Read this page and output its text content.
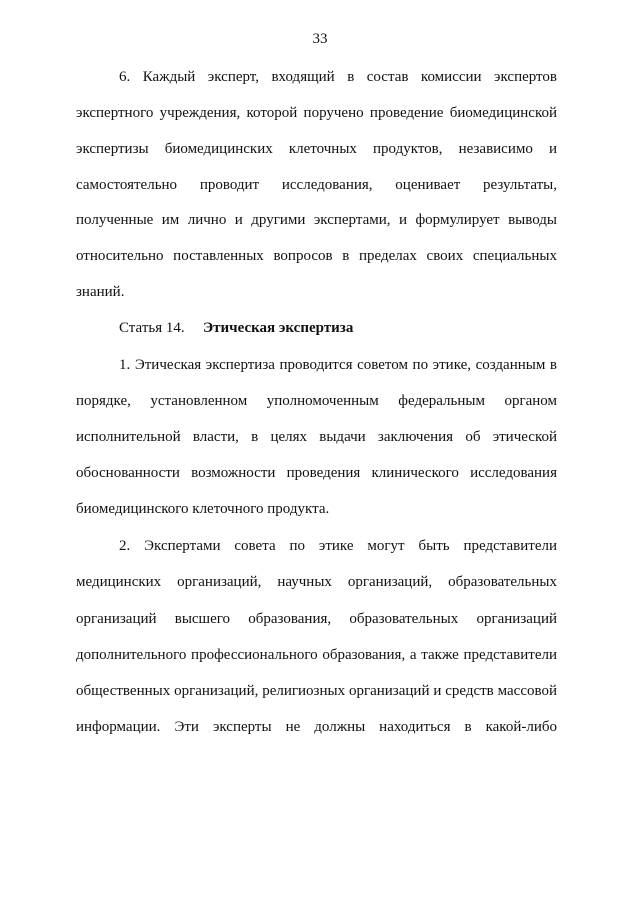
33
6. Каждый эксперт, входящий в состав комиссии экспертов
экспертного учреждения, которой поручено проведение биомедицинской
экспертизы биомедицинских клеточных продуктов, независимо и
самостоятельно проводит исследования, оценивает результаты,
полученные им лично и другими экспертами, и формулирует выводы
относительно поставленных вопросов в пределах своих специальных
знаний.
Статья 14. Этическая экспертиза
1. Этическая экспертиза проводится советом по этике, созданным в
порядке, установленном уполномоченным федеральным органом
исполнительной власти, в целях выдачи заключения об этической
обоснованности возможности проведения клинического исследования
биомедицинского клеточного продукта.
2. Экспертами совета по этике могут быть представители
медицинских организаций, научных организаций, образовательных
организаций высшего образования, образовательных организаций
дополнительного профессионального образования, а также представители
общественных организаций, религиозных организаций и средств массовой
информации. Эти эксперты не должны находиться в какой-либо
